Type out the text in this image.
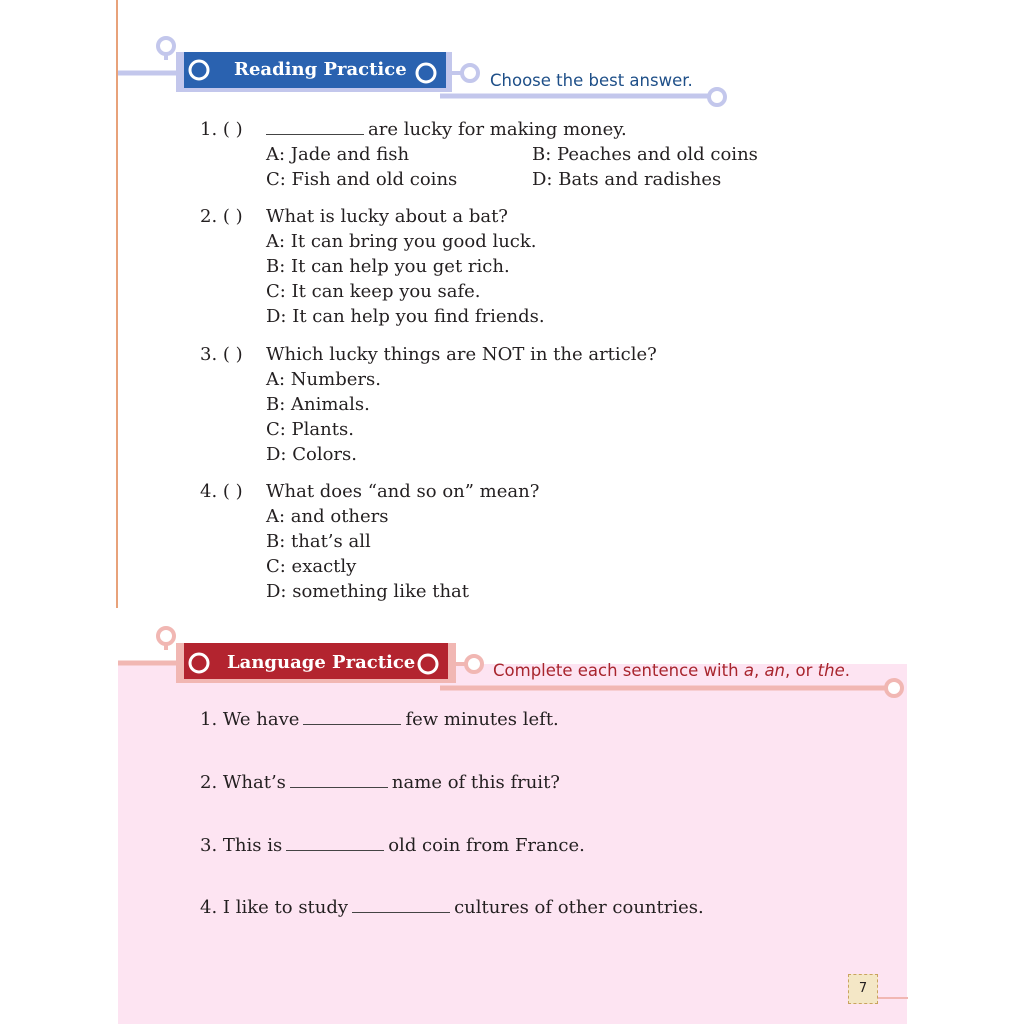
Reading Practice
Choose the best answer.
1. ( )	are lucky for making money.
A: Jade and fish	B: Peaches and old coins
C: Fish and old coins	D: Bats and radishes
2. ( ) What is lucky about a bat?
A: It can bring you good luck.
B: It can help you get rich.
C: It can keep you safe.
D: It can help you find friends.
3. ( ) Which lucky things are NOT in the article?
A: Numbers.
B: Animals.
C: Plants.
D: Colors.
4. ( ) What does “and so on” mean?
A: and others
B: that’s all
C: exactly
D: something like that
Language Practice	Complete each sentence with a, an, or the.
1. We have	few minutes left.
2. What’s	name of this fruit?
3. This is	old coin from France.
4. I like to study	cultures of other countries.
7
